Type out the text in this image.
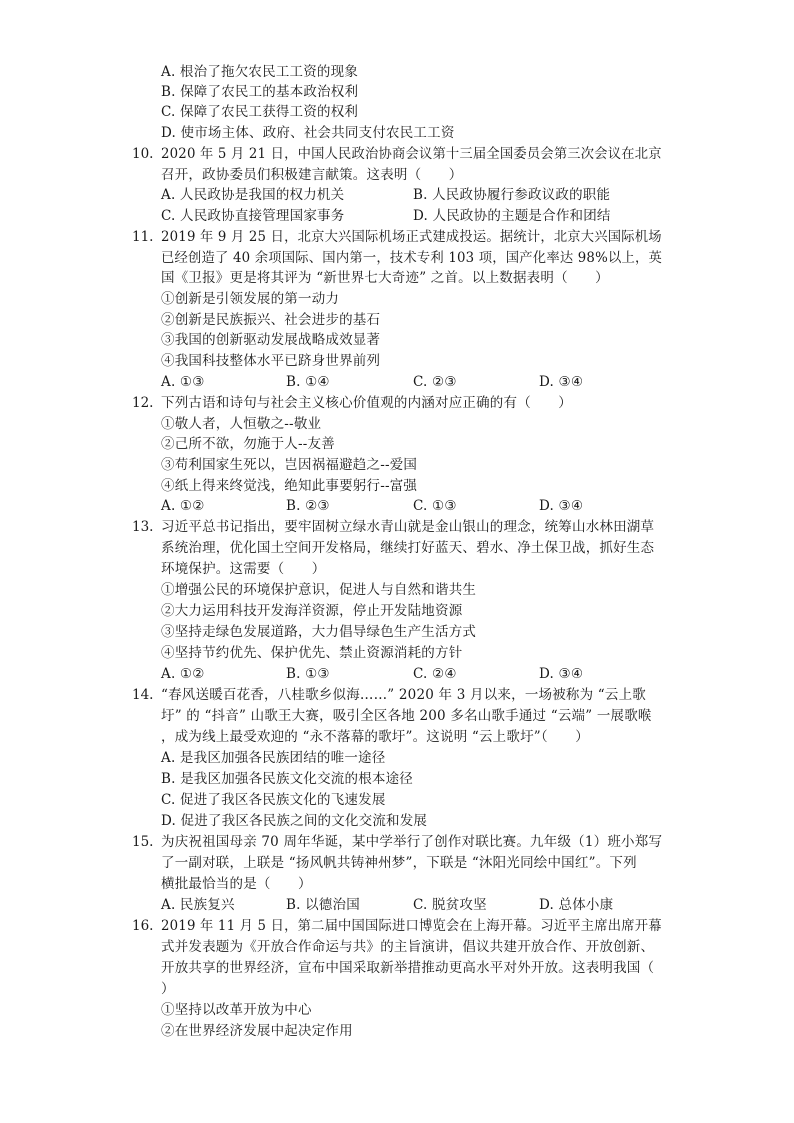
A. 根治了拖欠农民工工资的现象
B. 保障了农民工的基本政治权利
C. 保障了农民工获得工资的权利
D. 使市场主体、政府、社会共同支付农民工工资
10. 2020 年 5 月 21 日，中国人民政治协商会议第十三届全国委员会第三次会议在北京
召开，政协委员们积极建言献策。这表明（　　）
A. 人民政协是我国的权力机关	B. 人民政协履行参政议政的职能
C. 人民政协直接管理国家事务	D. 人民政协的主题是合作和团结
11. 2019 年 9 月 25 日，北京大兴国际机场正式建成投运。据统计，北京大兴国际机场
已经创造了 40 余项国际、国内第一，技术专利 103 项，国产化率达 98%以上，英
国《卫报》更是将其评为 “新世界七大奇迹” 之首。以上数据表明（　　）
①创新是引领发展的第一动力
②创新是民族振兴、社会进步的基石
③我国的创新驱动发展战略成效显著
④我国科技整体水平已跻身世界前列
A. ①③	B. ①④	C. ②③	D. ③④
12. 下列古语和诗句与社会主义核心价值观的内涵对应正确的有（　　）
①敬人者，人恒敬之--敬业
②己所不欲，勿施于人--友善
③苟利国家生死以，岂因祸福避趋之--爱国
④纸上得来终觉浅，绝知此事要躬行--富强
A. ①②	B. ②③	C. ①③	D. ③④
13. 习近平总书记指出，要牢固树立绿水青山就是金山银山的理念，统筹山水林田湖草
系统治理，优化国土空间开发格局，继续打好蓝天、碧水、净土保卫战，抓好生态
环境保护。这需要（　　）
①增强公民的环境保护意识，促进人与自然和谐共生
②大力运用科技开发海洋资源，停止开发陆地资源
③坚持走绿色发展道路，大力倡导绿色生产生活方式
④坚持节约优先、保护优先、禁止资源消耗的方针
A. ①②	B. ①③	C. ②④	D. ③④
14. “春风送暖百花香，八桂歌乡似海……” 2020 年 3 月以来，一场被称为 “云上歌
圩” 的 “抖音” 山歌王大赛，吸引全区各地 200 多名山歌手通过 “云端” 一展歌喉
，成为线上最受欢迎的 “永不落幕的歌圩”。这说明 “云上歌圩”（　　）
A. 是我区加强各民族团结的唯一途径
B. 是我区加强各民族文化交流的根本途径
C. 促进了我区各民族文化的飞速发展
D. 促进了我区各民族之间的文化交流和发展
15. 为庆祝祖国母亲 70 周年华诞，某中学举行了创作对联比赛。九年级（1）班小郑写
了一副对联，上联是 “扬风帆共铸神州梦”，下联是 “沐阳光同绘中国红”。下列
横批最恰当的是（　　）
A. 民族复兴	B. 以德治国	C. 脱贫攻坚	D. 总体小康
16. 2019 年 11 月 5 日，第二届中国国际进口博览会在上海开幕。习近平主席出席开幕
式并发表题为《开放合作命运与共》的主旨演讲，倡议共建开放合作、开放创新、
开放共享的世界经济，宣布中国采取新举措推动更高水平对外开放。这表明我国（
）
①坚持以改革开放为中心
②在世界经济发展中起决定作用
